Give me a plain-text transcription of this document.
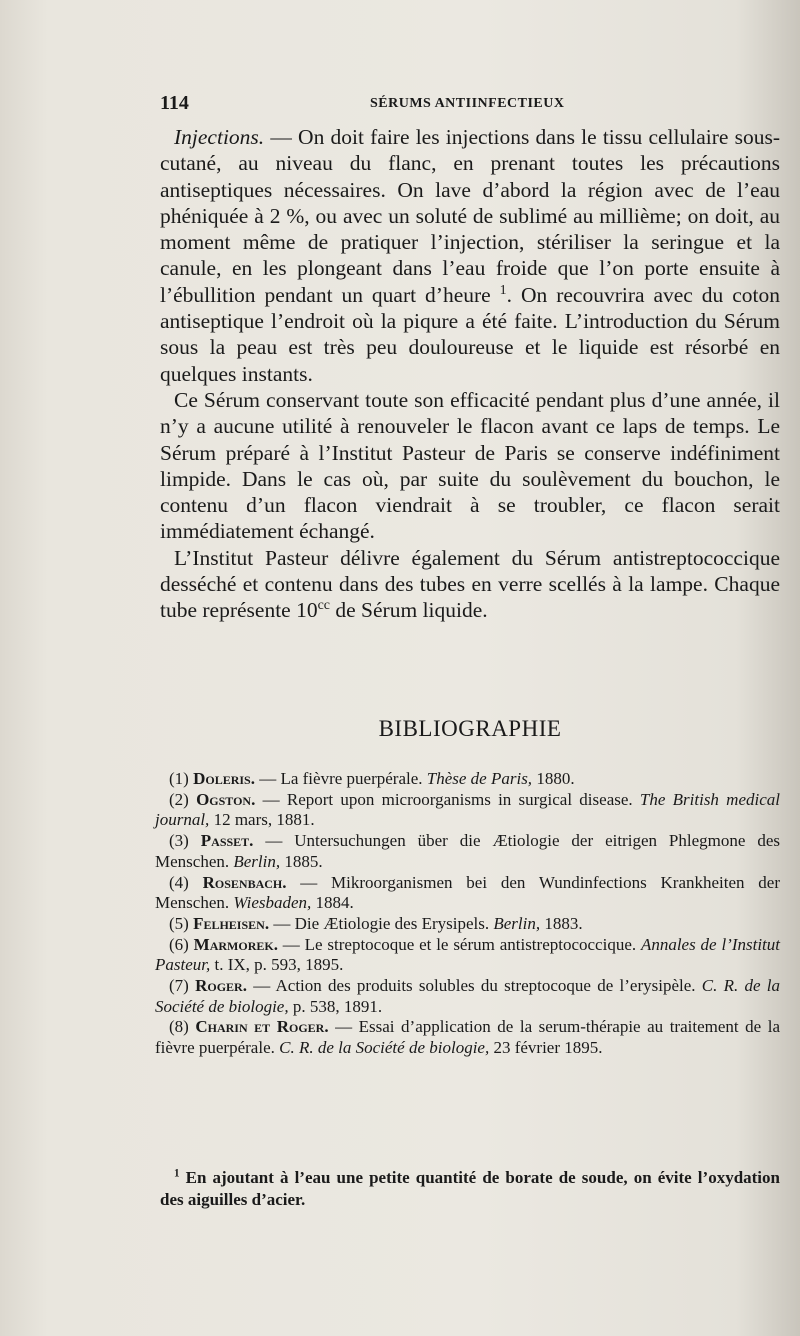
114	SÉRUMS ANTIINFECTIEUX

Injections. — On doit faire les injections dans le tissu cellulaire sous-cutané, au niveau du flanc, en prenant toutes les précautions antiseptiques nécessaires. On lave d’abord la région avec de l’eau phéniquée à 2 %, ou avec un soluté de sublimé au millième; on doit, au moment même de pratiquer l’injection, stériliser la seringue et la canule, en les plongeant dans l’eau froide que l’on porte ensuite à l’ébullition pendant un quart d’heure $^1$. On recouvrira avec du coton antiseptique l’endroit où la piqure a été faite. L’introduction du Sérum sous la peau est très peu douloureuse et le liquide est résorbé en quelques instants.

Ce Sérum conservant toute son efficacité pendant plus d’une année, il n’y a aucune utilité à renouveler le flacon avant ce laps de temps. Le Sérum préparé à l’Institut Pasteur de Paris se conserve indéfiniment limpide. Dans le cas où, par suite du soulèvement du bouchon, le contenu d’un flacon viendrait à se troubler, ce flacon serait immédiatement échangé.

L’Institut Pasteur délivre également du Sérum antistreptococcique desséché et contenu dans des tubes en verre scellés à la lampe. Chaque tube représente $10^{cc}$ de Sérum liquide.

BIBLIOGRAPHIE

(1) Doleris. — La fièvre puerpérale. Thèse de Paris, 1880.

(2) Ogston. — Report upon microorganisms in surgical disease. The British medical journal, 12 mars, 1881.

(3) Passet. — Untersuchungen über die Ætiologie der eitrigen Phlegmone des Menschen. Berlin, 1885.

(4) Rosenbach. — Mikroorganismen bei den Wundinfections Krankheiten der Menschen. Wiesbaden, 1884.

(5) Felheisen. — Die Ætiologie des Erysipels. Berlin, 1883.

(6) Marmorek. — Le streptocoque et le sérum antistreptococcique. Annales de l’Institut Pasteur, t. IX, p. 593, 1895.

(7) Roger. — Action des produits solubles du streptocoque de l’erysipèle. C. R. de la Société de biologie, p. 538, 1891.

(8) Charin et Roger. — Essai d’application de la serum-thérapie au traitement de la fièvre puerpérale. C. R. de la Société de biologie, 23 février 1895.

$^1$ En ajoutant à l’eau une petite quantité de borate de soude, on évite l’oxydation des aiguilles d’acier.
